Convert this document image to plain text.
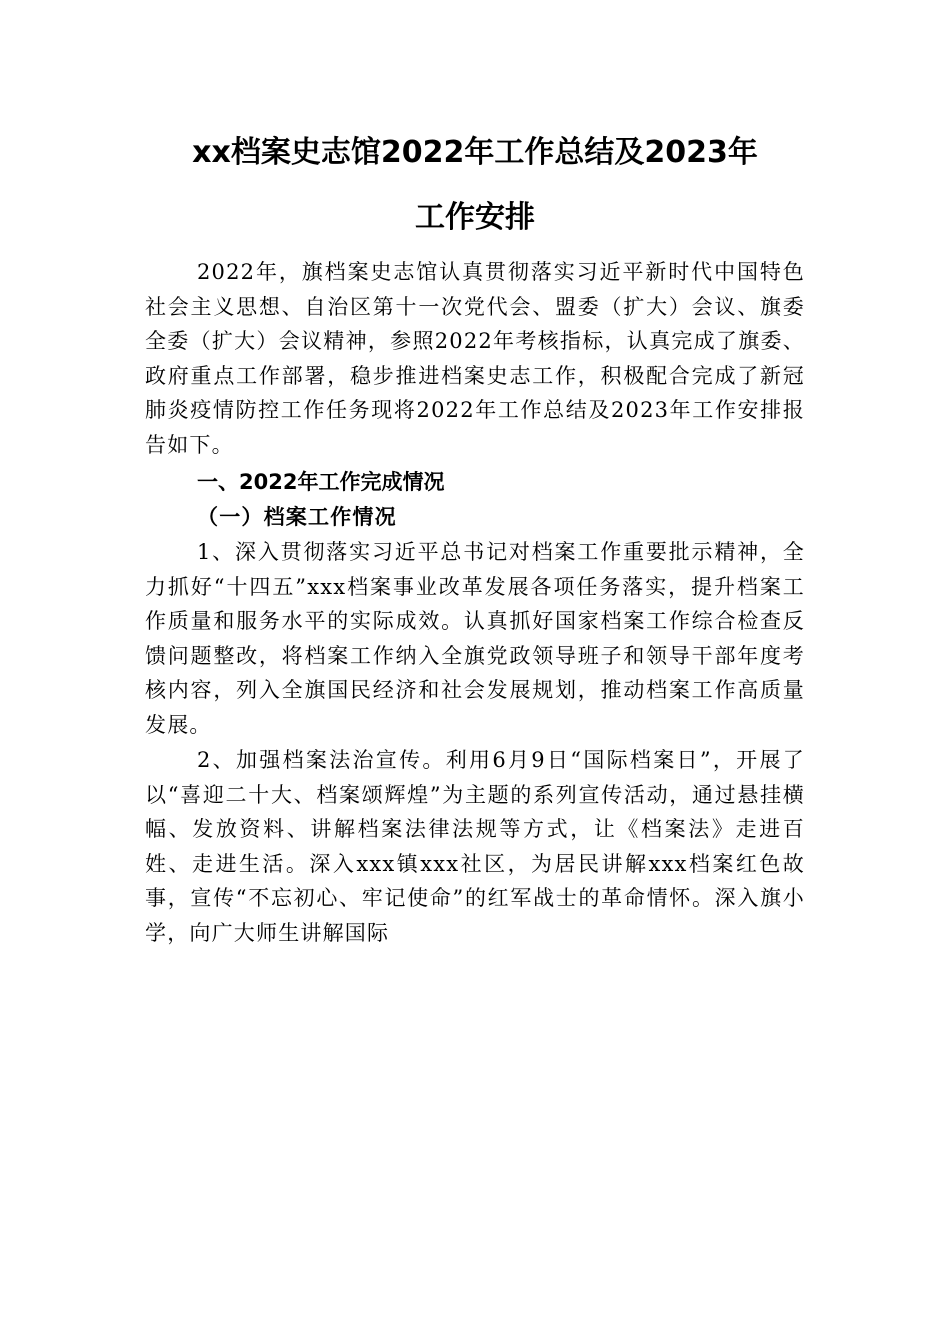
xx档案史志馆2022年工作总结及2023年
工作安排

2022年，旗档案史志馆认真贯彻落实习近平新时代中国特色社会主义思想、自治区第十一次党代会、盟委（扩大）会议、旗委全委（扩大）会议精神，参照2022年考核指标，认真完成了旗委、政府重点工作部署，稳步推进档案史志工作，积极配合完成了新冠肺炎疫情防控工作任务现将2022年工作总结及2023年工作安排报告如下。

一、2022年工作完成情况
（一）档案工作情况

1、深入贯彻落实习近平总书记对档案工作重要批示精神，全力抓好“十四五”xxx档案事业改革发展各项任务落实，提升档案工作质量和服务水平的实际成效。认真抓好国家档案工作综合检查反馈问题整改，将档案工作纳入全旗党政领导班子和领导干部年度考核内容，列入全旗国民经济和社会发展规划，推动档案工作高质量发展。

2、加强档案法治宣传。利用6月9日“国际档案日”，开展了以“喜迎二十大、档案颂辉煌”为主题的系列宣传活动，通过悬挂横幅、发放资料、讲解档案法律法规等方式，让《档案法》走进百姓、走进生活。深入xxx镇xxx社区，为居民讲解xxx档案红色故事，宣传“不忘初心、牢记使命”的红军战士的革命情怀。深入旗小学，向广大师生讲解国际
